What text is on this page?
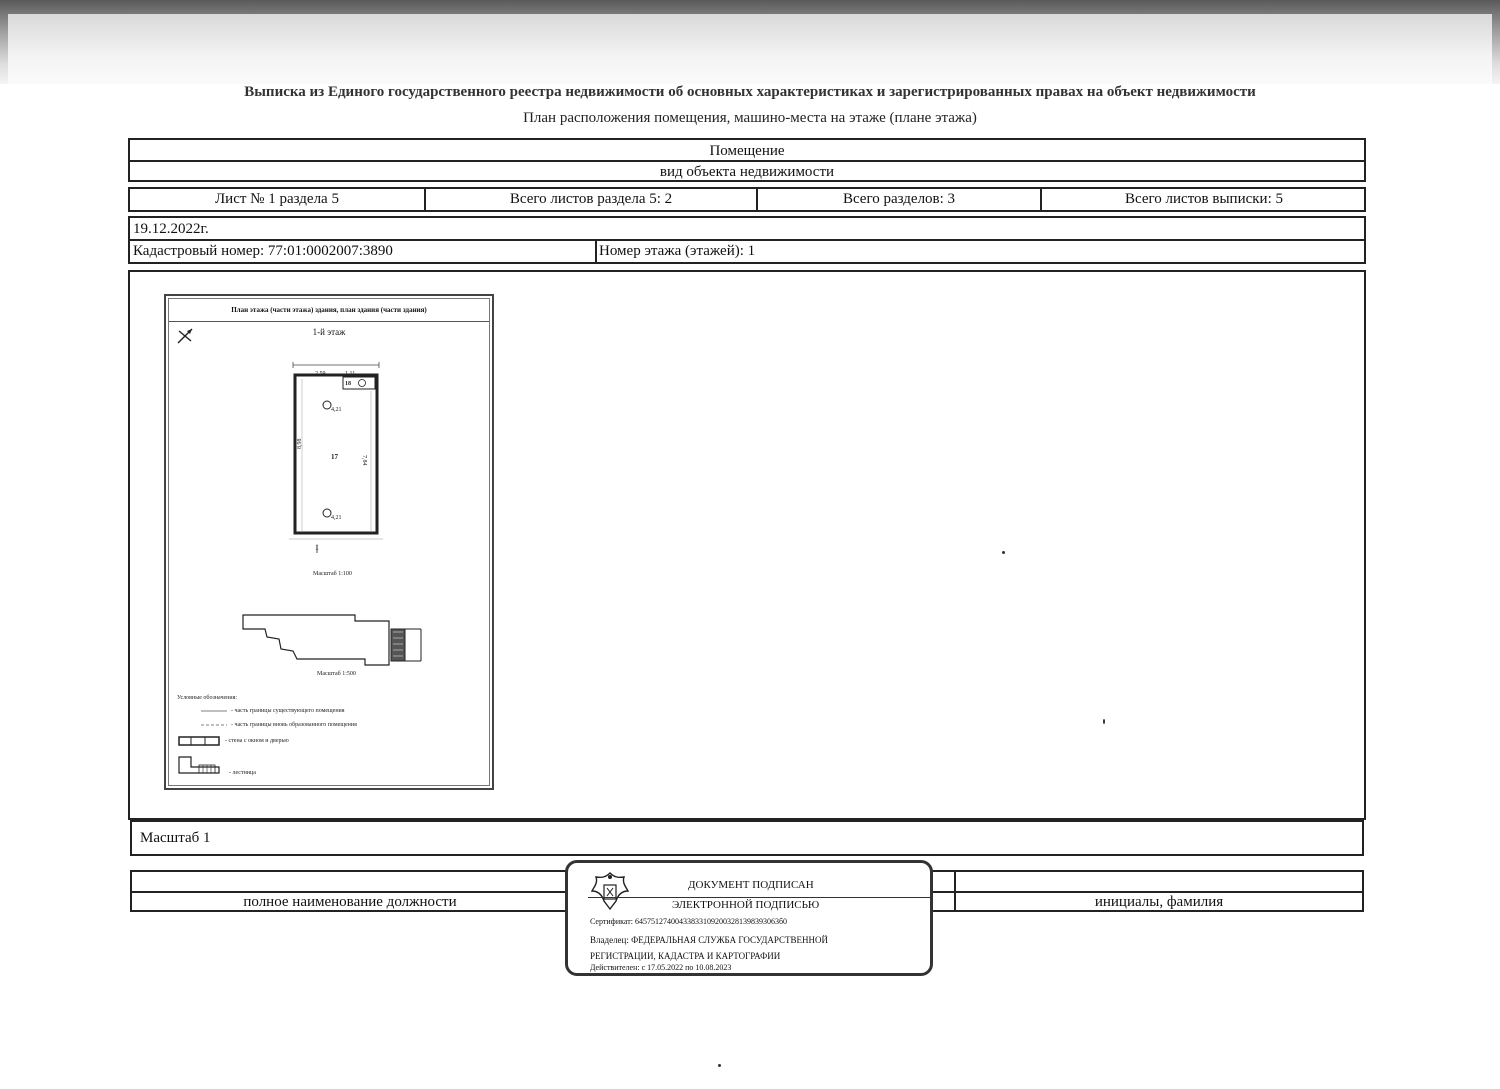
Выписка из Единого государственного реестра недвижимости об основных характеристиках и зарегистрированных правах на объект недвижимости
План расположения помещения, машино-места на этаже (плане этажа)
Помещение
вид объекта недвижимости
Лист № 1 раздела 5	Всего листов раздела 5: 2	Всего разделов: 3	Всего листов выписки: 5
19.12.2022г.
Кадастровый номер: 77:01:0002007:3890	Номер этажа (этажей): 1
План этажа (части этажа) здания, план здания (части здания)
1-й этаж
2,59	1,11
18
4,21
4,21
17
8,98
7,84
1
Масштаб 1:100
Масштаб 1:500
Условные обозначения:
- часть границы существующего помещения
- часть границы вновь образованного помещения
- стена с окном и дверью
- лестница
Масштаб 1
полное наименование должности	инициалы, фамилия
ДОКУМЕНТ ПОДПИСАН
ЭЛЕКТРОННОЙ ПОДПИСЬЮ
Сертификат: 645751274004338331092003281398393063б0
Владелец: ФЕДЕРАЛЬНАЯ СЛУЖБА ГОСУДАРСТВЕННОЙ
РЕГИСТРАЦИИ, КАДАСТРА И КАРТОГРАФИИ
Действителен: с 17.05.2022 по 10.08.2023
